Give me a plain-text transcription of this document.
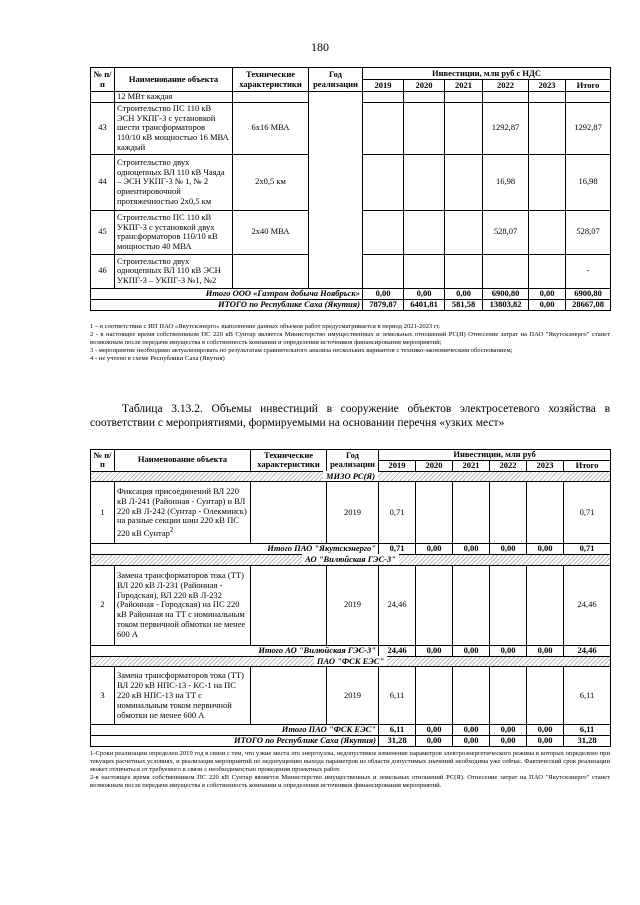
180
№ п/п	Наименование объекта	Технические характеристики	Год реализации	Инвестиции, млн руб с НДС					
				2019	2020	2021	2022	2023	Итого
	12 МВт каждая								
43	Строительство ПС 110 кВ ЭСН УКПГ-3 с установкой шести трансформаторов 110/10 кВ мощностью 16 МВА каждый	6х16 МВА					1292,87		1292,87
44	Строительство двух одноцепных ВЛ 110 кВ Чаяда – ЭСН УКПГ-3 № 1, № 2 ориентировочной протяженностью 2х0,5 км	2х0,5 км					16,98		16,98
45	Строительство ПС 110 кВ УКПГ-3 с установкой двух трансформаторов 110/10 кВ мощностью 40 МВА	2х40 МВА					528,07		528,07
46	Строительство двух одноцепных ВЛ 110 кВ ЭСН УКПГ-3 – УКПГ-3 №1, №2								-
Итого ООО «Газпром добыча Ноябрьск»				0,00	0,00	0,00	6900,80	0,00	6900,80
ИТОГО по Республике Саха (Якутия)				7879,87	6401,81	581,58	13803,82	0,00	28667,08
1 – в соответствии с ИП ПАО «Якутскэнерго» выполнение данных объемов работ предусматривается в период 2021-2023 гг.
2 - в настоящее время собственником ПС 220 кВ Сунтар является Министерство имущественных и земельных отношений РС(Я) Отнесение затрат на ПАО "Якутскэнерго" станет возможным после передачи имущества в собственность компании и определения источников финансирования мероприятий;
3 - мероприятие необходимо актуализировать по результатам сравнительного анализа нескольких вариантов с технико-экономическим обоснованием;
4 - не учтено в схеме Республики Саха (Якутия)
Таблица 3.13.2. Объемы инвестиций в сооружение объектов электросетевого хозяйства в соответствии с мероприятиями, формируемыми на основании перечня «узких мест»
№ п/п	Наименование объекта	Технические характеристики	Год реализации	Инвестиции, млн руб					
				2019	2020	2021	2022	2023	Итого
МИЗО РС(Я)									
1	Фиксация присоединений ВЛ 220 кВ Л-241 (Районная - Сунтар) и ВЛ 220 кВ Л-242 (Сунтар - Олекминск) на разные секции шин 220 кВ ПС 220 кВ Сунтар$^2$		2019	0,71					0,71
Итого ПАО "Якутскэнерго"				0,71	0,00	0,00	0,00	0,00	0,71
АО "Вилюйская ГЭС-3"									
2	Замена трансформаторов тока (ТТ) ВЛ 220 кВ Л-231 (Районная - Городская), ВЛ 220 кВ Л-232 (Районная - Городская) на ПС 220 кВ Районная на ТТ с номинальным током первичной обмотки не менее 600 А		2019	24,46					24,46
Итого АО "Вилюйская ГЭС-3"				24,46	0,00	0,00	0,00	0,00	24,46
ПАО "ФСК ЕЭС"									
3	Замена трансформаторов тока (ТТ) ВЛ 220 кВ НПС-13 - КС-1 на ПС 220 кВ НПС-13 на ТТ с номинальным током первичной обмотки не менее 600 А		2019	6,11					6,11
Итого ПАО "ФСК ЕЭС"				6,11	0,00	0,00	0,00	0,00	6,11
ИТОГО по Республике Саха (Якутия)				31,28	0,00	0,00	0,00	0,00	31,28
1-Сроки реализации определен 2019 год в связи с тем, что узкие места это энергоузлы, недопустимое изменение параметров электроэнергетического режима в которых определено при текущих расчетных условиях, и реализация мероприятий по недопущению выхода параметров из области допустимых значений необходима уже сейчас. Фактический срок реализации может отличаться от требуемого в связи с необходимостью проведения проектных работ.
2-в настоящее время собственником ПС 220 кВ Сунтар является Министерство имущественных и земельных отношений РС(Я). Отнесение затрат на ПАО "Якутскэнерго" станет возможным после передачи имущества в собственность компании и определения источников финансирования мероприятий.
